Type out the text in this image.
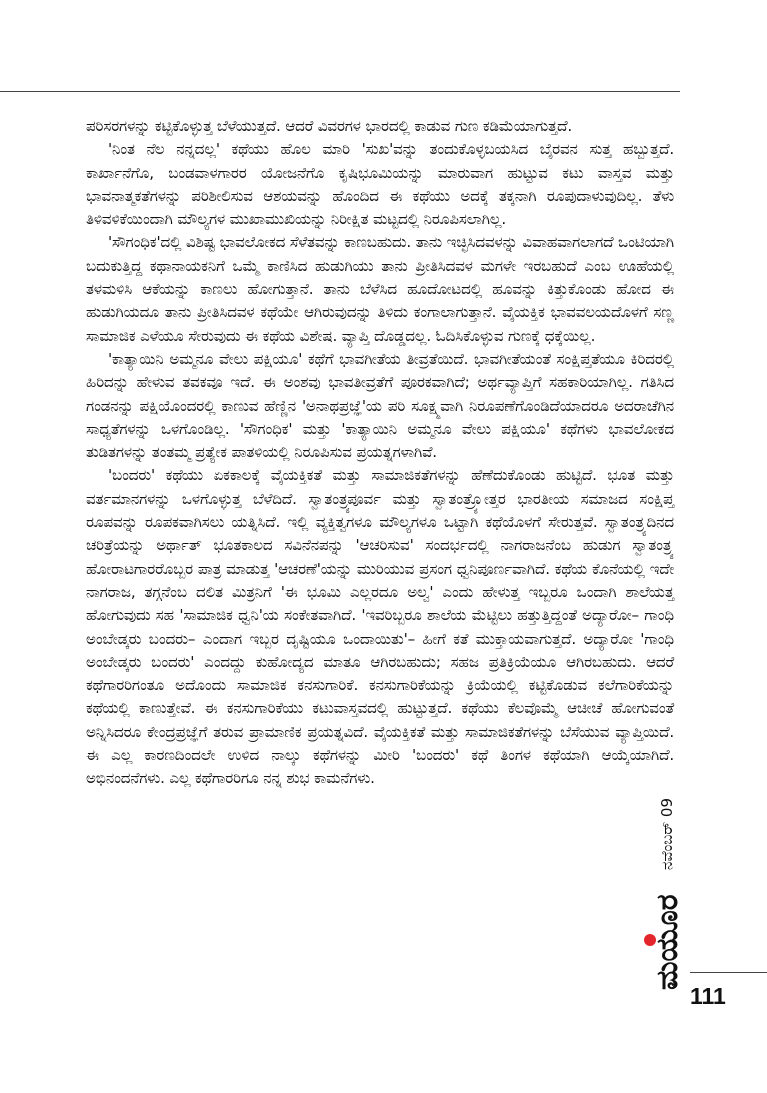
ಪರಿಸರಗಳನ್ನು ಕಟ್ಟಿಕೊಳ್ಳುತ್ತ ಬೆಳೆಯುತ್ತದೆ. ಆದರೆ ವಿವರಗಳ ಭಾರದಲ್ಲಿ ಕಾಡುವ ಗುಣ ಕಡಿಮೆಯಾಗುತ್ತದೆ.

'ನಿಂತ ನೆಲ ನನ್ನದಲ್ಲ' ಕಥೆಯು ಹೊಲ ಮಾರಿ 'ಸುಖ'ವನ್ನು ತಂದುಕೊಳ್ಳಬಯಸಿದ ಬೈರವನ ಸುತ್ತ ಹಬ್ಬುತ್ತದೆ. ಕಾರ್ಖಾನೆಗೊ, ಬಂಡವಾಳಗಾರರ ಯೋಜನೆಗೊ ಕೃಷಿಭೂಮಿಯನ್ನು ಮಾರುವಾಗ ಹುಟ್ಟುವ ಕಟು ವಾಸ್ತವ ಮತ್ತು ಭಾವನಾತ್ಮಕತೆಗಳನ್ನು ಪರಿಶೀಲಿಸುವ ಆಶಯವನ್ನು ಹೊಂದಿದ ಈ ಕಥೆಯು ಅದಕ್ಕೆ ತಕ್ಕನಾಗಿ ರೂಪುದಾಳುವುದಿಲ್ಲ. ತೆಳು ತಿಳಿವಳಿಕೆಯಿಂದಾಗಿ ಮೌಲ್ಯಗಳ ಮುಖಾಮುಖಿಯನ್ನು ನಿರೀಕ್ಷಿತ ಮಟ್ಟದಲ್ಲಿ ನಿರೂಪಿಸಲಾಗಿಲ್ಲ.

'ಸೌಗಂಧಿಕ'ದಲ್ಲಿ ವಿಶಿಷ್ಟ ಭಾವಲೋಕದ ಸೆಳೆತವನ್ನು ಕಾಣಬಹುದು. ತಾನು ಇಚ್ಛಿಸಿದವಳನ್ನು ವಿವಾಹವಾಗಲಾಗದೆ ಒಂಟಿಯಾಗಿ ಬದುಕುತ್ತಿದ್ದ ಕಥಾನಾಯಕನಿಗೆ ಒಮ್ಮೆ ಕಾಣಿಸಿದ ಹುಡುಗಿಯು ತಾನು ಪ್ರೀತಿಸಿದವಳ ಮಗಳೇ ಇರಬಹುದೆ ಎಂಬ ಊಹೆಯಲ್ಲಿ ತಳಮಳಿಸಿ ಆಕೆಯನ್ನು ಕಾಣಲು ಹೋಗುತ್ತಾನೆ. ತಾನು ಬೆಳೆಸಿದ ಹೂದೋಟದಲ್ಲಿ ಹೂವನ್ನು ಕಿತ್ತುಕೊಂಡು ಹೋದ ಈ ಹುಡುಗಿಯದೂ ತಾನು ಪ್ರೀತಿಸಿದವಳ ಕಥೆಯೇ ಆಗಿರುವುದನ್ನು ತಿಳಿದು ಕಂಗಾಲಾಗುತ್ತಾನೆ. ವೈಯಕ್ತಿಕ ಭಾವವಲಯದೊಳಗೆ ಸಣ್ಣ ಸಾಮಾಜಿಕ ಎಳೆಯೂ ಸೇರುವುದು ಈ ಕಥೆಯ ವಿಶೇಷ. ವ್ಯಾಪ್ತಿ ದೊಡ್ಡದಲ್ಲ. ಓದಿಸಿಕೊಳ್ಳುವ ಗುಣಕ್ಕೆ ಧಕ್ಕೆಯಿಲ್ಲ.

'ಕಾತ್ಯಾಯಿನಿ ಅಮ್ಮನೂ ವೇಲು ಪಕ್ಷಿಯೂ' ಕಥೆಗೆ ಭಾವಗೀತೆಯ ತೀವ್ರತೆಯಿದೆ. ಭಾವಗೀತೆಯಂತೆ ಸಂಕ್ಷಿಪ್ತತೆಯೂ ಕಿರಿದರಲ್ಲಿ ಹಿರಿದನ್ನು ಹೇಳುವ ತವಕವೂ ಇದೆ. ಈ ಅಂಶವು ಭಾವತೀವ್ರತೆಗೆ ಪೂರಕವಾಗಿದೆ; ಅರ್ಥವ್ಯಾಪ್ತಿಗೆ ಸಹಕಾರಿಯಾಗಿಲ್ಲ. ಗತಿಸಿದ ಗಂಡನನ್ನು ಪಕ್ಷಿಯೊಂದರಲ್ಲಿ ಕಾಣುವ ಹೆಣ್ಣಿನ 'ಅನಾಥಪ್ರಜ್ಞೆ'ಯ ಪರಿ ಸೂಕ್ಷ್ಮವಾಗಿ ನಿರೂಪಣೆಗೊಂಡಿದೆಯಾದರೂ ಅದರಾಚೆಗಿನ ಸಾಧ್ಯತೆಗಳನ್ನು ಒಳಗೊಂಡಿಲ್ಲ. 'ಸೌಗಂಧಿಕ' ಮತ್ತು 'ಕಾತ್ಯಾಯಿನಿ ಅಮ್ಮನೂ ವೇಲು ಪಕ್ಷಿಯೂ' ಕಥೆಗಳು ಭಾವಲೋಕದ ತುಡಿತಗಳನ್ನು ತಂತಮ್ಮ ಪ್ರತ್ಯೇಕ ಪಾತಳಿಯಲ್ಲಿ ನಿರೂಪಿಸುವ ಪ್ರಯತ್ನಗಳಾಗಿವೆ.

'ಬಂದರು' ಕಥೆಯು ಏಕಕಾಲಕ್ಕೆ ವೈಯಕ್ತಿಕತೆ ಮತ್ತು ಸಾಮಾಜಿಕತೆಗಳನ್ನು ಹೆಣೆದುಕೊಂಡು ಹುಟ್ಟಿದೆ. ಭೂತ ಮತ್ತು ವರ್ತಮಾನಗಳನ್ನು ಒಳಗೊಳ್ಳುತ್ತ ಬೆಳೆದಿದೆ. ಸ್ವಾತಂತ್ರ್ಯಪೂರ್ವ ಮತ್ತು ಸ್ವಾತಂತ್ರ್ಯೋತ್ತರ ಭಾರತೀಯ ಸಮಾಜದ ಸಂಕ್ಷಿಪ್ತ ರೂಪವನ್ನು ರೂಪಕವಾಗಿಸಲು ಯತ್ನಿಸಿದೆ. ಇಲ್ಲಿ ವ್ಯಕ್ತಿತ್ವಗಳೂ ಮೌಲ್ಯಗಳೂ ಒಟ್ಟಾಗಿ ಕಥೆಯೊಳಗೆ ಸೇರುತ್ತವೆ. ಸ್ವಾತಂತ್ರ್ಯದಿನದ ಚರಿತ್ರೆಯನ್ನು ಅರ್ಥಾತ್ ಭೂತಕಾಲದ ಸವಿನೆನಪನ್ನು 'ಆಚರಿಸುವ' ಸಂದರ್ಭದಲ್ಲಿ ನಾಗರಾಜನೆಂಬ ಹುಡುಗ ಸ್ವಾತಂತ್ರ್ಯ ಹೋರಾಟಗಾರರೊಬ್ಬರ ಪಾತ್ರ ಮಾಡುತ್ತ 'ಆಚರಣೆ'ಯನ್ನು ಮುರಿಯುವ ಪ್ರಸಂಗ ಧ್ವನಿಪೂರ್ಣವಾಗಿದೆ. ಕಥೆಯ ಕೊನೆಯಲ್ಲಿ ಇದೇ ನಾಗರಾಜ, ತಗ್ಗನೆಂಬ ದಲಿತ ಮಿತ್ರನಿಗೆ 'ಈ ಭೂಮಿ ಎಲ್ಲರದೂ ಅಲ್ವ' ಎಂದು ಹೇಳುತ್ತ ಇಬ್ಬರೂ ಒಂದಾಗಿ ಶಾಲೆಯತ್ತ ಹೋಗುವುದು ಸಹ 'ಸಾಮಾಜಿಕ ಧ್ವನಿ'ಯ ಸಂಕೇತವಾಗಿದೆ. 'ಇವರಿಬ್ಬರೂ ಶಾಲೆಯ ಮೆಟ್ಟಿಲು ಹತ್ತುತ್ತಿದ್ದಂತೆ ಅದ್ಯಾರೋ– ಗಾಂಧಿ ಅಂಬೇಡ್ಕರು ಬಂದರು– ಎಂದಾಗ ಇಬ್ಬರ ದೃಷ್ಟಿಯೂ ಒಂದಾಯಿತು'– ಹೀಗೆ ಕತೆ ಮುಕ್ತಾಯವಾಗುತ್ತದೆ. ಅದ್ಯಾರೋ 'ಗಾಂಧಿ ಅಂಬೇಡ್ಕರು ಬಂದರು' ಎಂದದ್ದು ಕುಹೋದ್ಯದ ಮಾತೂ ಆಗಿರಬಹುದು; ಸಹಜ ಪ್ರತಿಕ್ರಿಯೆಯೂ ಆಗಿರಬಹುದು. ಆದರೆ ಕಥೆಗಾರರಿಗಂತೂ ಅದೊಂದು ಸಾಮಾಜಿಕ ಕನಸುಗಾರಿಕೆ. ಕನಸುಗಾರಿಕೆಯನ್ನು ಕ್ರಿಯೆಯಲ್ಲಿ ಕಟ್ಟಿಕೊಡುವ ಕಲೆಗಾರಿಕೆಯನ್ನು ಕಥೆಯಲ್ಲಿ ಕಾಣುತ್ತೇವೆ. ಈ ಕನಸುಗಾರಿಕೆಯು ಕಟುವಾಸ್ತವದಲ್ಲಿ ಹುಟ್ಟುತ್ತದೆ. ಕಥೆಯು ಕೆಲವೊಮ್ಮೆ ಆಚೀಚೆ ಹೋಗುವಂತೆ ಅನ್ನಿಸಿದರೂ ಕೇಂದ್ರಪ್ರಜ್ಞೆಗೆ ತರುವ ಪ್ರಾಮಾಣಿಕ ಪ್ರಯತ್ನವಿದೆ. ವೈಯಕ್ತಿಕತೆ ಮತ್ತು ಸಾಮಾಜಿಕತೆಗಳನ್ನು ಬೆಸೆಯುವ ವ್ಯಾಪ್ತಿಯಿದೆ. ಈ ಎಲ್ಲ ಕಾರಣದಿಂದಲೇ ಉಳಿದ ನಾಲ್ಕು ಕಥೆಗಳನ್ನು ಮೀರಿ 'ಬಂದರು' ಕಥೆ ತಿಂಗಳ ಕಥೆಯಾಗಿ ಆಯ್ಕೆಯಾಗಿದೆ. ಅಭಿನಂದನೆಗಳು. ಎಲ್ಲ ಕಥೆಗಾರರಿಗೂ ನನ್ನ ಶುಭ ಕಾಮನೆಗಳು.

ಮಯೂರ
ನವೆಂಬರ್ 09
111
